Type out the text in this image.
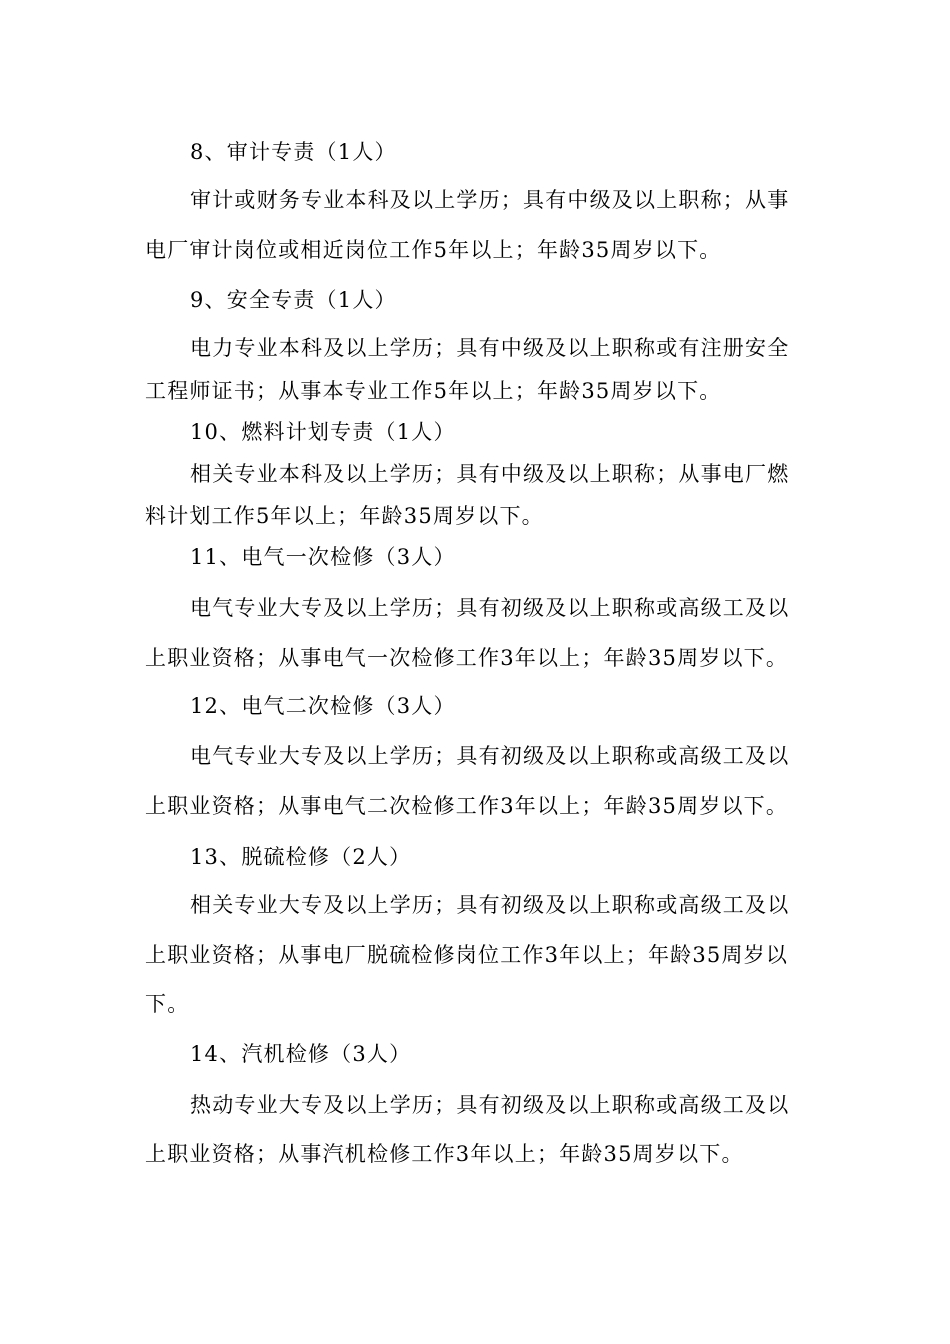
8、审计专责（1人）
审计或财务专业本科及以上学历；具有中级及以上职称；从事
电厂审计岗位或相近岗位工作5年以上；年龄35周岁以下。
9、安全专责（1人）
电力专业本科及以上学历；具有中级及以上职称或有注册安全
工程师证书；从事本专业工作5年以上；年龄35周岁以下。
10、燃料计划专责（1人）
相关专业本科及以上学历；具有中级及以上职称；从事电厂燃
料计划工作5年以上；年龄35周岁以下。
11、电气一次检修（3人）
电气专业大专及以上学历；具有初级及以上职称或高级工及以
上职业资格；从事电气一次检修工作3年以上；年龄35周岁以下。
12、电气二次检修（3人）
电气专业大专及以上学历；具有初级及以上职称或高级工及以
上职业资格；从事电气二次检修工作3年以上；年龄35周岁以下。
13、脱硫检修（2人）
相关专业大专及以上学历；具有初级及以上职称或高级工及以
上职业资格；从事电厂脱硫检修岗位工作3年以上；年龄35周岁以
下。
14、汽机检修（3人）
热动专业大专及以上学历；具有初级及以上职称或高级工及以
上职业资格；从事汽机检修工作3年以上；年龄35周岁以下。
